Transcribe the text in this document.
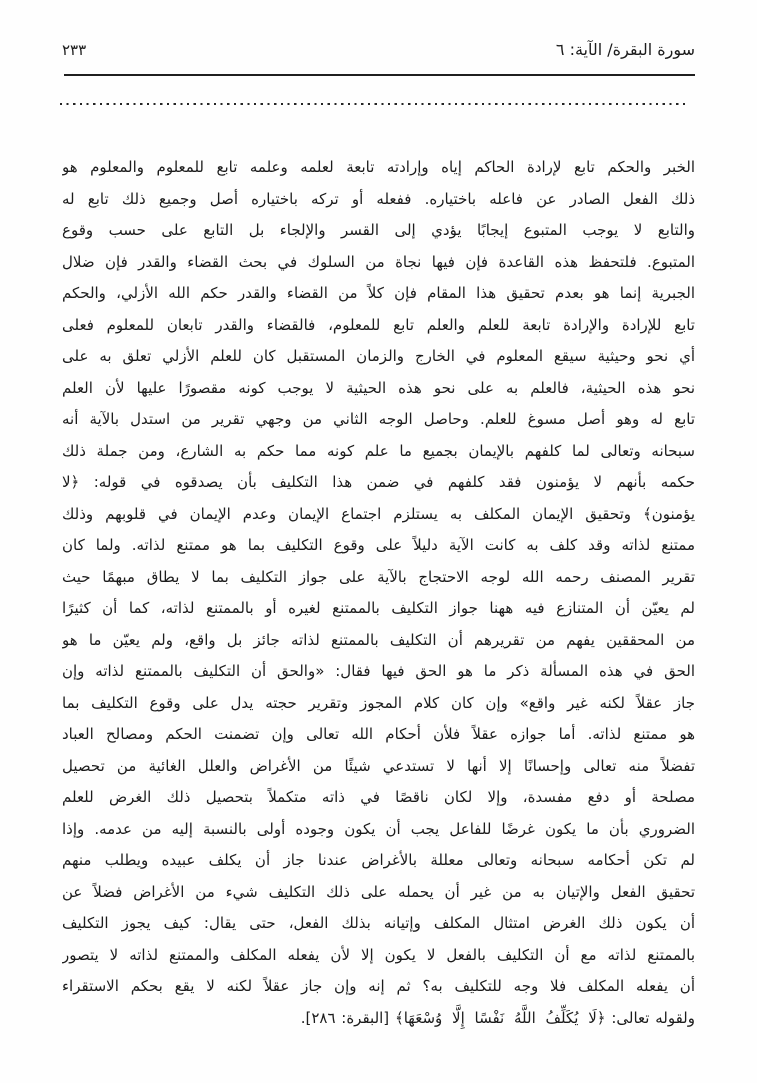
سورة البقرة/ الآية: ٦
٢٣٣
الخبر والحكم تابع لإرادة الحاكم إياه وإرادته تابعة لعلمه وعلمه تابع للمعلوم والمعلوم هو
ذلك الفعل الصادر عن فاعله باختياره. ففعله أو تركه باختياره أصل وجميع ذلك تابع له
والتابع لا يوجب المتبوع إيجابًا يؤدي إلى القسر والإلجاء بل التابع على حسب وقوع
المتبوع. فلتحفظ هذه القاعدة فإن فيها نجاة من السلوك في بحث القضاء والقدر فإن ضلال
الجبرية إنما هو بعدم تحقيق هذا المقام فإن كلاً من القضاء والقدر حكم الله الأزلي، والحكم
تابع للإرادة والإرادة تابعة للعلم والعلم تابع للمعلوم، فالقضاء والقدر تابعان للمعلوم فعلى
أي نحو وحيثية سيقع المعلوم في الخارج والزمان المستقبل كان للعلم الأزلي تعلق به على
نحو هذه الحيثية، فالعلم به على نحو هذه الحيثية لا يوجب كونه مقصورًا عليها لأن العلم
تابع له وهو أصل مسوغ للعلم. وحاصل الوجه الثاني من وجهي تقرير من استدل بالآية أنه
سبحانه وتعالى لما كلفهم بالإيمان بجميع ما علم كونه مما حكم به الشارع، ومن جملة ذلك
حكمه بأنهم لا يؤمنون فقد كلفهم في ضمن هذا التكليف بأن يصدقوه في قوله: ﴿لا
يؤمنون﴾ وتحقيق الإيمان المكلف به يستلزم اجتماع الإيمان وعدم الإيمان في قلوبهم وذلك
ممتنع لذاته وقد كلف به كانت الآية دليلاً على وقوع التكليف بما هو ممتنع لذاته. ولما كان
تقرير المصنف رحمه الله لوجه الاحتجاج بالآية على جواز التكليف بما لا يطاق مبهمًا حيث
لم يعيّن أن المتنازع فيه ههنا جواز التكليف بالممتنع لغيره أو بالممتنع لذاته، كما أن كثيرًا
من المحققين يفهم من تقريرهم أن التكليف بالممتنع لذاته جائز بل واقع، ولم يعيّن ما هو
الحق في هذه المسألة ذكر ما هو الحق فيها فقال: «والحق أن التكليف بالممتنع لذاته وإن
جاز عقلاً لكنه غير واقع» وإن كان كلام المجوز وتقرير حجته يدل على وقوع التكليف بما
هو ممتنع لذاته. أما جوازه عقلاً فلأن أحكام الله تعالى وإن تضمنت الحكم ومصالح العباد
تفضلاً منه تعالى وإحسانًا إلا أنها لا تستدعي شيئًا من الأغراض والعلل الغائية من تحصيل
مصلحة أو دفع مفسدة، وإلا لكان ناقصًا في ذاته متكملاً بتحصيل ذلك الغرض للعلم
الضروري بأن ما يكون غرضًا للفاعل يجب أن يكون وجوده أولى بالنسبة إليه من عدمه. وإذا
لم تكن أحكامه سبحانه وتعالى معللة بالأغراض عندنا جاز أن يكلف عبيده ويطلب منهم
تحقيق الفعل والإتيان به من غير أن يحمله على ذلك التكليف شيء من الأغراض فضلاً عن
أن يكون ذلك الغرض امتثال المكلف وإتيانه بذلك الفعل، حتى يقال: كيف يجوز التكليف
بالممتنع لذاته مع أن التكليف بالفعل لا يكون إلا لأن يفعله المكلف والممتنع لذاته لا يتصور
أن يفعله المكلف فلا وجه للتكليف به؟ ثم إنه وإن جاز عقلاً لكنه لا يقع بحكم الاستقراء
ولقوله تعالى: ﴿لَا يُكَلِّفُ اللَّهُ نَفْسًا إِلَّا وُسْعَهَا﴾ [البقرة: ٢٨٦].
